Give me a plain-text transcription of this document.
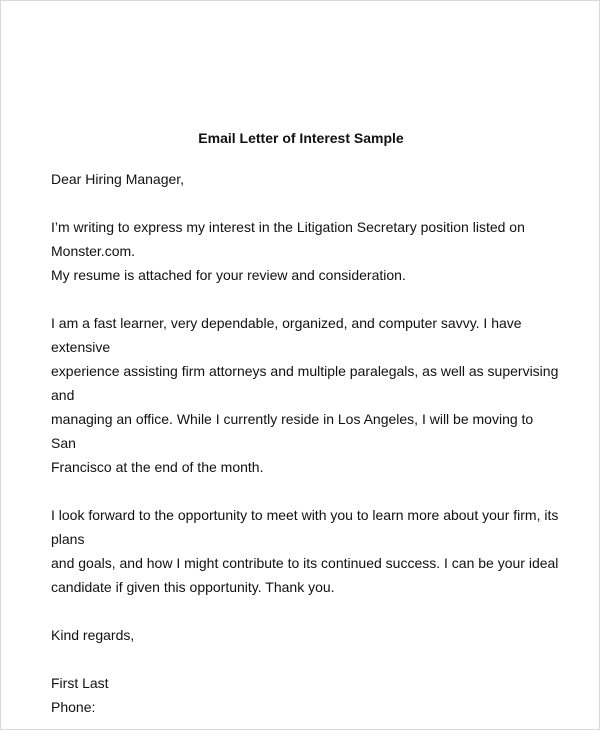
Email Letter of Interest Sample

Dear Hiring Manager,

I’m writing to express my interest in the Litigation Secretary position listed on Monster.com.
My resume is attached for your review and consideration.

I am a fast learner, very dependable, organized, and computer savvy. I have extensive
experience assisting firm attorneys and multiple paralegals, as well as supervising and
managing an office. While I currently reside in Los Angeles, I will be moving to San
Francisco at the end of the month.

I look forward to the opportunity to meet with you to learn more about your firm, its plans
and goals, and how I might contribute to its continued success. I can be your ideal
candidate if given this opportunity. Thank you.

Kind regards,

First Last

Phone:
